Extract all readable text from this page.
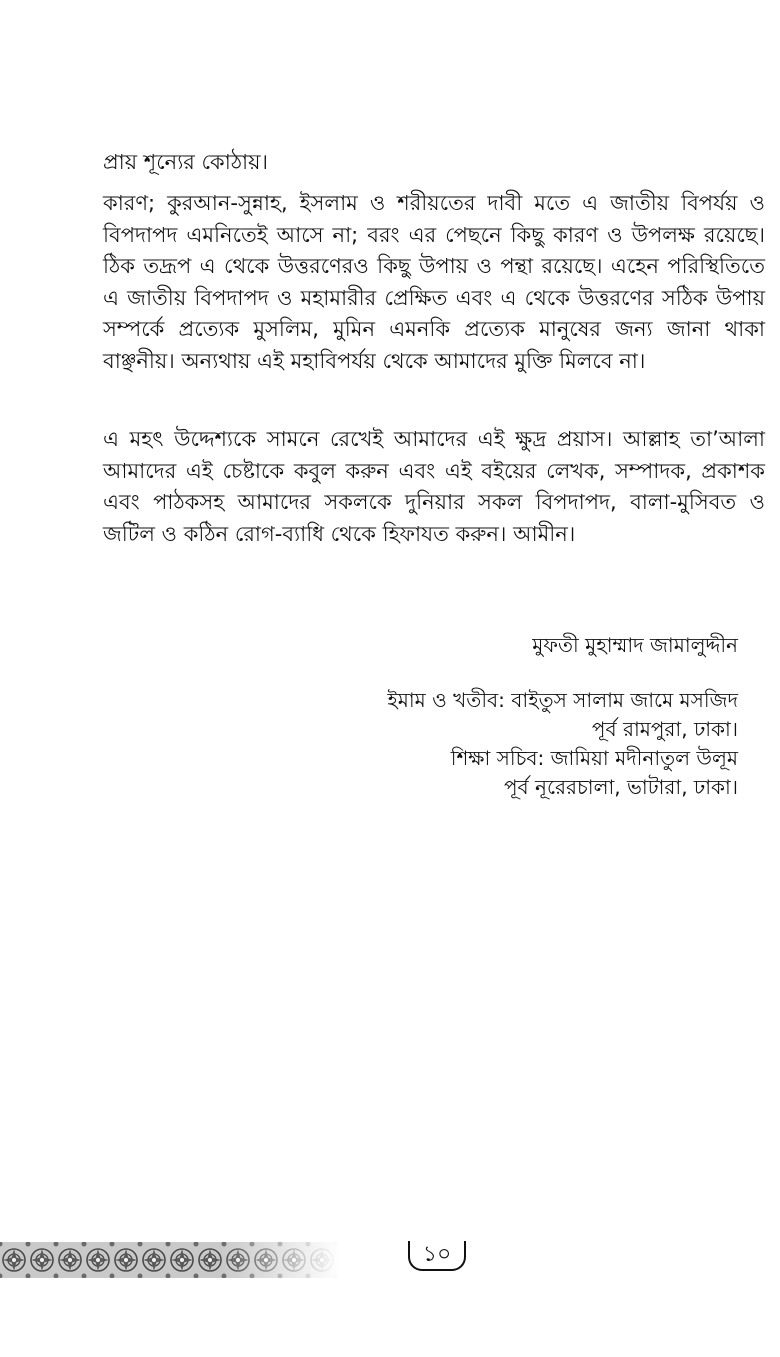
প্রায় শূন্যের কোঠায়।
কারণ; কুরআন-সুন্নাহ, ইসলাম ও শরীয়তের দাবী মতে এ জাতীয় বিপর্যয় ও বিপদাপদ এমনিতেই আসে না; বরং এর পেছনে কিছু কারণ ও উপলক্ষ রয়েছে। ঠিক তদ্রূপ এ থেকে উত্তরণেরও কিছু উপায় ও পন্থা রয়েছে। এহেন পরিস্থিতিতে এ জাতীয় বিপদাপদ ও মহামারীর প্রেক্ষিত এবং এ থেকে উত্তরণের সঠিক উপায় সম্পর্কে প্রত্যেক মুসলিম, মুমিন এমনকি প্রত্যেক মানুষের জন্য জানা থাকা বাঞ্ছনীয়। অন্যথায় এই মহাবিপর্যয় থেকে আমাদের মুক্তি মিলবে না।
এ মহৎ উদ্দেশ্যকে সামনে রেখেই আমাদের এই ক্ষুদ্র প্রয়াস। আল্লাহ তা’আলা আমাদের এই চেষ্টাকে কবুল করুন এবং এই বইয়ের লেখক, সম্পাদক, প্রকাশক এবং পাঠকসহ আমাদের সকলকে দুনিয়ার সকল বিপদাপদ, বালা-মুসিবত ও জটিল ও কঠিন রোগ-ব্যাধি থেকে হিফাযত করুন। আমীন।
মুফতী মুহাম্মাদ জামালুদ্দীন
ইমাম ও খতীব: বাইতুস সালাম জামে মসজিদ
পূর্ব রামপুরা, ঢাকা।
শিক্ষা সচিব: জামিয়া মদীনাতুল উলূম
পূর্ব নূরেরচালা, ভাটারা, ঢাকা।
১০
